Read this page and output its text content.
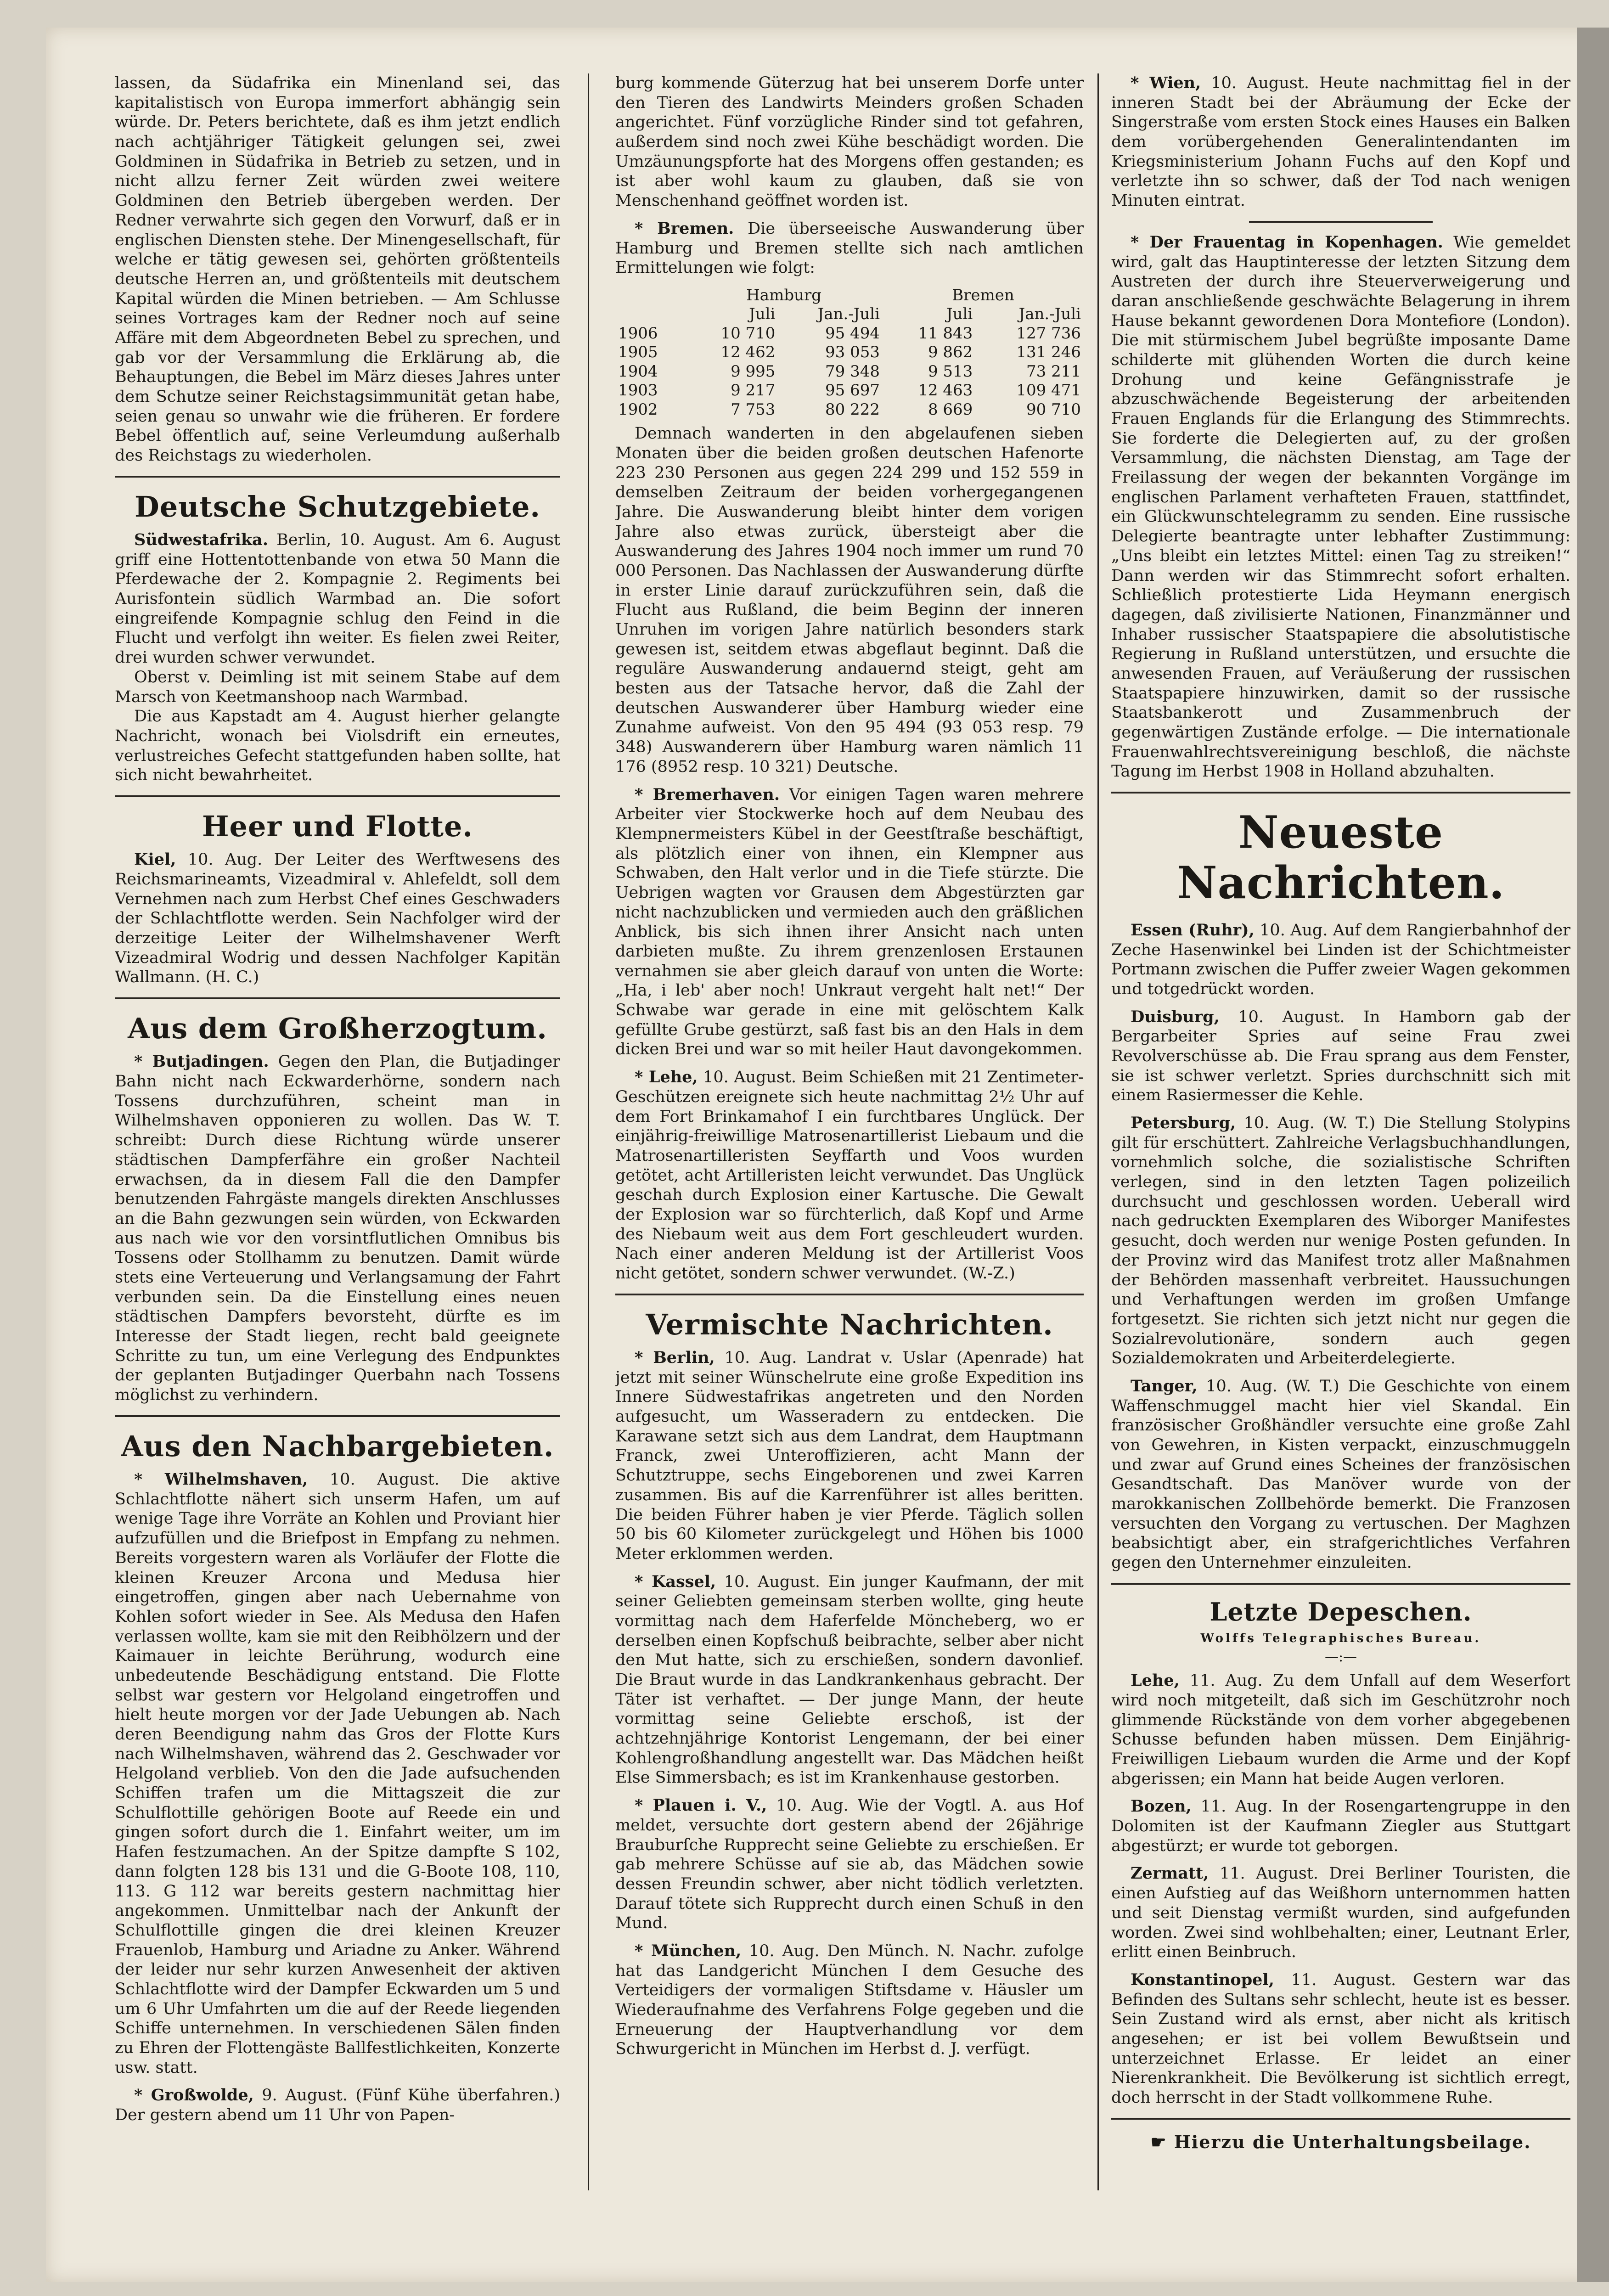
lassen, da Südafrika ein Minenland sei, das kapitalistisch von Europa immerfort abhängig sein würde. Dr. Peters berichtete, daß es ihm jetzt endlich nach achtjähriger Tätigkeit gelungen sei, zwei Goldminen in Südafrika in Betrieb zu setzen, und in nicht allzu ferner Zeit würden zwei weitere Goldminen den Betrieb übergeben werden. Der Redner verwahrte sich gegen den Vorwurf, daß er in englischen Diensten stehe. Der Minengesellschaft, für welche er tätig gewesen sei, gehörten größtenteils deutsche Herren an, und größtenteils mit deutschem Kapital würden die Minen betrieben. — Am Schlusse seines Vortrages kam der Redner noch auf seine Affäre mit dem Abgeordneten Bebel zu sprechen, und gab vor der Versammlung die Erklärung ab, die Behauptungen, die Bebel im März dieses Jahres unter dem Schutze seiner Reichstagsimmunität getan habe, seien genau so unwahr wie die früheren. Er fordere Bebel öffentlich auf, seine Verleumdung außerhalb des Reichstags zu wiederholen.

Deutsche Schutzgebiete.

Südwestafrika. Berlin, 10. August. Am 6. August griff eine Hottentottenbande von etwa 50 Mann die Pferdewache der 2. Kompagnie 2. Regiments bei Aurisfontein südlich Warmbad an. Die sofort eingreifende Kompagnie schlug den Feind in die Flucht und verfolgt ihn weiter. Es fielen zwei Reiter, drei wurden schwer verwundet.

Oberst v. Deimling ist mit seinem Stabe auf dem Marsch von Keetmanshoop nach Warmbad.

Die aus Kapstadt am 4. August hierher gelangte Nachricht, wonach bei Violsdrift ein erneutes, verlustreiches Gefecht stattgefunden haben sollte, hat sich nicht bewahrheitet.

Heer und Flotte.

Kiel, 10. Aug. Der Leiter des Werftwesens des Reichsmarineamts, Vizeadmiral v. Ahlefeldt, soll dem Vernehmen nach zum Herbst Chef eines Geschwaders der Schlachtflotte werden. Sein Nachfolger wird der derzeitige Leiter der Wilhelmshavener Werft Vizeadmiral Wodrig und dessen Nachfolger Kapitän Wallmann. (H. C.)

Aus dem Großherzogtum.

* Butjadingen. Gegen den Plan, die Butjadinger Bahn nicht nach Eckwarderhörne, sondern nach Tossens durchzuführen, scheint man in Wilhelmshaven opponieren zu wollen. Das W. T. schreibt: Durch diese Richtung würde unserer städtischen Dampferfähre ein großer Nachteil erwachsen, da in diesem Fall die den Dampfer benutzenden Fahrgäste mangels direkten Anschlusses an die Bahn gezwungen sein würden, von Eckwarden aus nach wie vor den vorsintflutlichen Omnibus bis Tossens oder Stollhamm zu benutzen. Damit würde stets eine Verteuerung und Verlangsamung der Fahrt verbunden sein. Da die Einstellung eines neuen städtischen Dampfers bevorsteht, dürfte es im Interesse der Stadt liegen, recht bald geeignete Schritte zu tun, um eine Verlegung des Endpunktes der geplanten Butjadinger Querbahn nach Tossens möglichst zu verhindern.

Aus den Nachbargebieten.

* Wilhelmshaven, 10. August. Die aktive Schlachtflotte nähert sich unserm Hafen, um auf wenige Tage ihre Vorräte an Kohlen und Proviant hier aufzufüllen und die Briefpost in Empfang zu nehmen. Bereits vorgestern waren als Vorläufer der Flotte die kleinen Kreuzer Arcona und Medusa hier eingetroffen, gingen aber nach Uebernahme von Kohlen sofort wieder in See. Als Medusa den Hafen verlassen wollte, kam sie mit den Reibhölzern und der Kaimauer in leichte Berührung, wodurch eine unbedeutende Beschädigung entstand. Die Flotte selbst war gestern vor Helgoland eingetroffen und hielt heute morgen vor der Jade Uebungen ab. Nach deren Beendigung nahm das Gros der Flotte Kurs nach Wilhelmshaven, während das 2. Geschwader vor Helgoland verblieb. Von den die Jade aufsuchenden Schiffen trafen um die Mittagszeit die zur Schulflottille gehörigen Boote auf Reede ein und gingen sofort durch die 1. Einfahrt weiter, um im Hafen festzumachen. An der Spitze dampfte S 102, dann folgten 128 bis 131 und die G-Boote 108, 110, 113. G 112 war bereits gestern nachmittag hier angekommen. Unmittelbar nach der Ankunft der Schulflottille gingen die drei kleinen Kreuzer Frauenlob, Hamburg und Ariadne zu Anker. Während der leider nur sehr kurzen Anwesenheit der aktiven Schlachtflotte wird der Dampfer Eckwarden um 5 und um 6 Uhr Umfahrten um die auf der Reede liegenden Schiffe unternehmen. In verschiedenen Sälen finden zu Ehren der Flottengäste Ballfestlichkeiten, Konzerte usw. statt.

* Großwolde, 9. August. (Fünf Kühe überfahren.) Der gestern abend um 11 Uhr von Papen-

burg kommende Güterzug hat bei unserem Dorfe unter den Tieren des Landwirts Meinders großen Schaden angerichtet. Fünf vorzügliche Rinder sind tot gefahren, außerdem sind noch zwei Kühe beschädigt worden. Die Umzäunungspforte hat des Morgens offen gestanden; es ist aber wohl kaum zu glauben, daß sie von Menschenhand geöffnet worden ist.

* Bremen. Die überseeische Auswanderung über Hamburg und Bremen stellte sich nach amtlichen Ermittelungen wie folgt:

	Hamburg		Bremen	
	Juli	Jan.-Juli	Juli	Jan.-Juli
1906	10 710	95 494	11 843	127 736
1905	12 462	93 053	9 862	131 246
1904	9 995	79 348	9 513	73 211
1903	9 217	95 697	12 463	109 471
1902	7 753	80 222	8 669	90 710

Demnach wanderten in den abgelaufenen sieben Monaten über die beiden großen deutschen Hafenorte 223 230 Personen aus gegen 224 299 und 152 559 in demselben Zeitraum der beiden vorhergegangenen Jahre. Die Auswanderung bleibt hinter dem vorigen Jahre also etwas zurück, übersteigt aber die Auswanderung des Jahres 1904 noch immer um rund 70 000 Personen. Das Nachlassen der Auswanderung dürfte in erster Linie darauf zurückzuführen sein, daß die Flucht aus Rußland, die beim Beginn der inneren Unruhen im vorigen Jahre natürlich besonders stark gewesen ist, seitdem etwas abgeflaut beginnt. Daß die reguläre Auswanderung andauernd steigt, geht am besten aus der Tatsache hervor, daß die Zahl der deutschen Auswanderer über Hamburg wieder eine Zunahme aufweist. Von den 95 494 (93 053 resp. 79 348) Auswanderern über Hamburg waren nämlich 11 176 (8952 resp. 10 321) Deutsche.

* Bremerhaven. Vor einigen Tagen waren mehrere Arbeiter vier Stockwerke hoch auf dem Neubau des Klempnermeisters Kübel in der Geestſtraße beschäftigt, als plötzlich einer von ihnen, ein Klempner aus Schwaben, den Halt verlor und in die Tiefe stürzte. Die Uebrigen wagten vor Grausen dem Abgestürzten gar nicht nachzublicken und vermieden auch den gräßlichen Anblick, bis sich ihnen ihrer Ansicht nach unten darbieten mußte. Zu ihrem grenzenlosen Erstaunen vernahmen sie aber gleich darauf von unten die Worte: „Ha, i leb' aber noch! Unkraut vergeht halt net!“ Der Schwabe war gerade in eine mit gelöschtem Kalk gefüllte Grube gestürzt, saß fast bis an den Hals in dem dicken Brei und war so mit heiler Haut davongekommen.

* Lehe, 10. August. Beim Schießen mit 21 Zentimeter-Geschützen ereignete sich heute nachmittag 2½ Uhr auf dem Fort Brinkamahof I ein furchtbares Unglück. Der einjährig-freiwillige Matrosenartillerist Liebaum und die Matrosenartilleristen Seyffarth und Voos wurden getötet, acht Artilleristen leicht verwundet. Das Unglück geschah durch Explosion einer Kartusche. Die Gewalt der Explosion war so fürchterlich, daß Kopf und Arme des Niebaum weit aus dem Fort geschleudert wurden. Nach einer anderen Meldung ist der Artillerist Voos nicht getötet, sondern schwer verwundet. (W.-Z.)

Vermischte Nachrichten.

* Berlin, 10. Aug. Landrat v. Uslar (Apenrade) hat jetzt mit seiner Wünschelrute eine große Expedition ins Innere Südwestafrikas angetreten und den Norden aufgesucht, um Wasseradern zu entdecken. Die Karawane setzt sich aus dem Landrat, dem Hauptmann Franck, zwei Unteroffizieren, acht Mann der Schutztruppe, sechs Eingeborenen und zwei Karren zusammen. Bis auf die Karrenführer ist alles beritten. Die beiden Führer haben je vier Pferde. Täglich sollen 50 bis 60 Kilometer zurückgelegt und Höhen bis 1000 Meter erklommen werden.

* Kassel, 10. August. Ein junger Kaufmann, der mit seiner Geliebten gemeinsam sterben wollte, ging heute vormittag nach dem Haferfelde Möncheberg, wo er derselben einen Kopfschuß beibrachte, selber aber nicht den Mut hatte, sich zu erschießen, sondern davonlief. Die Braut wurde in das Landkrankenhaus gebracht. Der Täter ist verhaftet. — Der junge Mann, der heute vormittag seine Geliebte erschoß, ist der achtzehnjährige Kontorist Lengemann, der bei einer Kohlengroßhandlung angestellt war. Das Mädchen heißt Else Simmersbach; es ist im Krankenhause gestorben.

* Plauen i. V., 10. Aug. Wie der Vogtl. A. aus Hof meldet, versuchte dort gestern abend der 26jährige Brauburſche Rupprecht seine Geliebte zu erschießen. Er gab mehrere Schüsse auf sie ab, das Mädchen sowie dessen Freundin schwer, aber nicht tödlich verletzten. Darauf tötete sich Rupprecht durch einen Schuß in den Mund.

* München, 10. Aug. Den Münch. N. Nachr. zufolge hat das Landgericht München I dem Gesuche des Verteidigers der vormaligen Stiftsdame v. Häusler um Wiederaufnahme des Verfahrens Folge gegeben und die Erneuerung der Hauptverhandlung vor dem Schwurgericht in München im Herbst d. J. verfügt.

* Wien, 10. August. Heute nachmittag fiel in der inneren Stadt bei der Abräumung der Ecke der Singerstraße vom ersten Stock eines Hauses ein Balken dem vorübergehenden Generalintendanten im Kriegsministerium Johann Fuchs auf den Kopf und verletzte ihn so schwer, daß der Tod nach wenigen Minuten eintrat.

* Der Frauentag in Kopenhagen. Wie gemeldet wird, galt das Hauptinteresse der letzten Sitzung dem Austreten der durch ihre Steuerverweigerung und daran anschließende geschwächte Belagerung in ihrem Hause bekannt gewordenen Dora Montefiore (London). Die mit stürmischem Jubel begrüßte imposante Dame schilderte mit glühenden Worten die durch keine Drohung und keine Gefängnisstrafe je abzuschwächende Begeisterung der arbeitenden Frauen Englands für die Erlangung des Stimmrechts. Sie forderte die Delegierten auf, zu der großen Versammlung, die nächsten Dienstag, am Tage der Freilassung der wegen der bekannten Vorgänge im englischen Parlament verhafteten Frauen, stattfindet, ein Glückwunschtelegramm zu senden. Eine russische Delegierte beantragte unter lebhafter Zustimmung: „Uns bleibt ein letztes Mittel: einen Tag zu streiken!“ Dann werden wir das Stimmrecht sofort erhalten. Schließlich protestierte Lida Heymann energisch dagegen, daß zivilisierte Nationen, Finanzmänner und Inhaber russischer Staatspapiere die absolutistische Regierung in Rußland unterstützen, und ersuchte die anwesenden Frauen, auf Veräußerung der russischen Staatspapiere hinzuwirken, damit so der russische Staatsbankerott und Zusammenbruch der gegenwärtigen Zustände erfolge. — Die internationale Frauenwahlrechtsvereinigung beschloß, die nächste Tagung im Herbst 1908 in Holland abzuhalten.

Neueste Nachrichten.

Essen (Ruhr), 10. Aug. Auf dem Rangierbahnhof der Zeche Hasenwinkel bei Linden ist der Schichtmeister Portmann zwischen die Puffer zweier Wagen gekommen und totgedrückt worden.

Duisburg, 10. August. In Hamborn gab der Bergarbeiter Spries auf seine Frau zwei Revolverschüsse ab. Die Frau sprang aus dem Fenster, sie ist schwer verletzt. Spries durchschnitt sich mit einem Rasiermesser die Kehle.

Petersburg, 10. Aug. (W. T.) Die Stellung Stolypins gilt für erschüttert. Zahlreiche Verlagsbuchhandlungen, vornehmlich solche, die sozialistische Schriften verlegen, sind in den letzten Tagen polizeilich durchsucht und geschlossen worden. Ueberall wird nach gedruckten Exemplaren des Wiborger Manifestes gesucht, doch werden nur wenige Posten gefunden. In der Provinz wird das Manifest trotz aller Maßnahmen der Behörden massenhaft verbreitet. Haussuchungen und Verhaftungen werden im großen Umfange fortgesetzt. Sie richten sich jetzt nicht nur gegen die Sozialrevolutionäre, sondern auch gegen Sozialdemokraten und Arbeiterdelegierte.

Tanger, 10. Aug. (W. T.) Die Geschichte von einem Waffenschmuggel macht hier viel Skandal. Ein französischer Großhändler versuchte eine große Zahl von Gewehren, in Kisten verpackt, einzuschmuggeln und zwar auf Grund eines Scheines der französischen Gesandtschaft. Das Manöver wurde von der marokkanischen Zollbehörde bemerkt. Die Franzosen versuchten den Vorgang zu vertuschen. Der Maghzen beabsichtigt aber, ein strafgerichtliches Verfahren gegen den Unternehmer einzuleiten.

Letzte Depeschen.
Wolffs Telegraphisches Bureau.
—:—

Lehe, 11. Aug. Zu dem Unfall auf dem Weserfort wird noch mitgeteilt, daß sich im Geschützrohr noch glimmende Rückstände von dem vorher abgegebenen Schusse befunden haben müssen. Dem Einjährig-Freiwilligen Liebaum wurden die Arme und der Kopf abgerissen; ein Mann hat beide Augen verloren.

Bozen, 11. Aug. In der Rosengartengruppe in den Dolomiten ist der Kaufmann Ziegler aus Stuttgart abgestürzt; er wurde tot geborgen.

Zermatt, 11. August. Drei Berliner Touristen, die einen Aufstieg auf das Weißhorn unternommen hatten und seit Dienstag vermißt wurden, sind aufgefunden worden. Zwei sind wohlbehalten; einer, Leutnant Erler, erlitt einen Beinbruch.

Konstantinopel, 11. August. Gestern war das Befinden des Sultans sehr schlecht, heute ist es besser. Sein Zustand wird als ernst, aber nicht als kritisch angesehen; er ist bei vollem Bewußtsein und unterzeichnet Erlasse. Er leidet an einer Nierenkrankheit. Die Bevölkerung ist sichtlich erregt, doch herrscht in der Stadt vollkommene Ruhe.

☛ Hierzu die Unterhaltungsbeilage.
